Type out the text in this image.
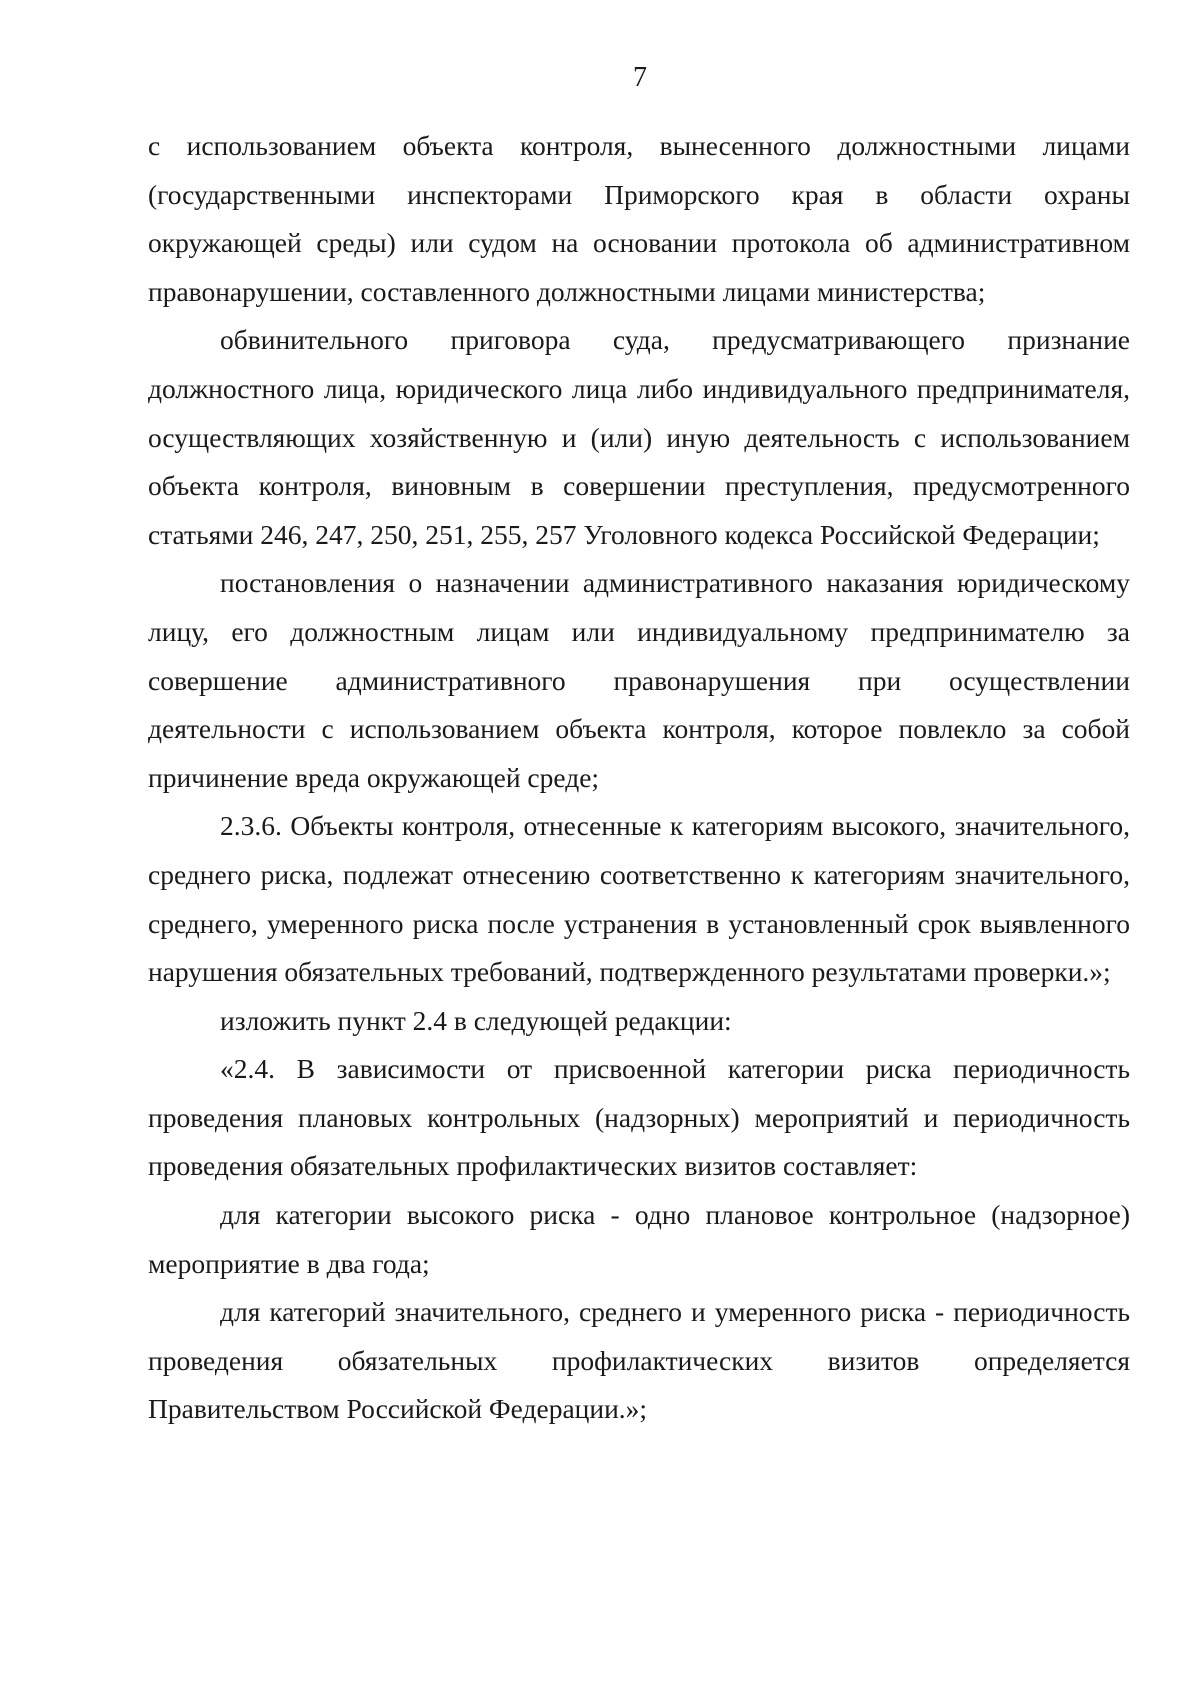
7

с использованием объекта контроля, вынесенного должностными лицами (государственными инспекторами Приморского края в области охраны окружающей среды) или судом на основании протокола об административном правонарушении, составленного должностными лицами министерства;

обвинительного приговора суда, предусматривающего признание должностного лица, юридического лица либо индивидуального предпринимателя, осуществляющих хозяйственную и (или) иную деятельность с использованием объекта контроля, виновным в совершении преступления, предусмотренного статьями 246, 247, 250, 251, 255, 257 Уголовного кодекса Российской Федерации;

постановления о назначении административного наказания юридическому лицу, его должностным лицам или индивидуальному предпринимателю за совершение административного правонарушения при осуществлении деятельности с использованием объекта контроля, которое повлекло за собой причинение вреда окружающей среде;

2.3.6. Объекты контроля, отнесенные к категориям высокого, значительного, среднего риска, подлежат отнесению соответственно к категориям значительного, среднего, умеренного риска после устранения в установленный срок выявленного нарушения обязательных требований, подтвержденного результатами проверки.»;

изложить пункт 2.4 в следующей редакции:

«2.4. В зависимости от присвоенной категории риска периодичность проведения плановых контрольных (надзорных) мероприятий и периодичность проведения обязательных профилактических визитов составляет:

для категории высокого риска - одно плановое контрольное (надзорное) мероприятие в два года;

для категорий значительного, среднего и умеренного риска - периодичность проведения обязательных профилактических визитов определяется Правительством Российской Федерации.»;
